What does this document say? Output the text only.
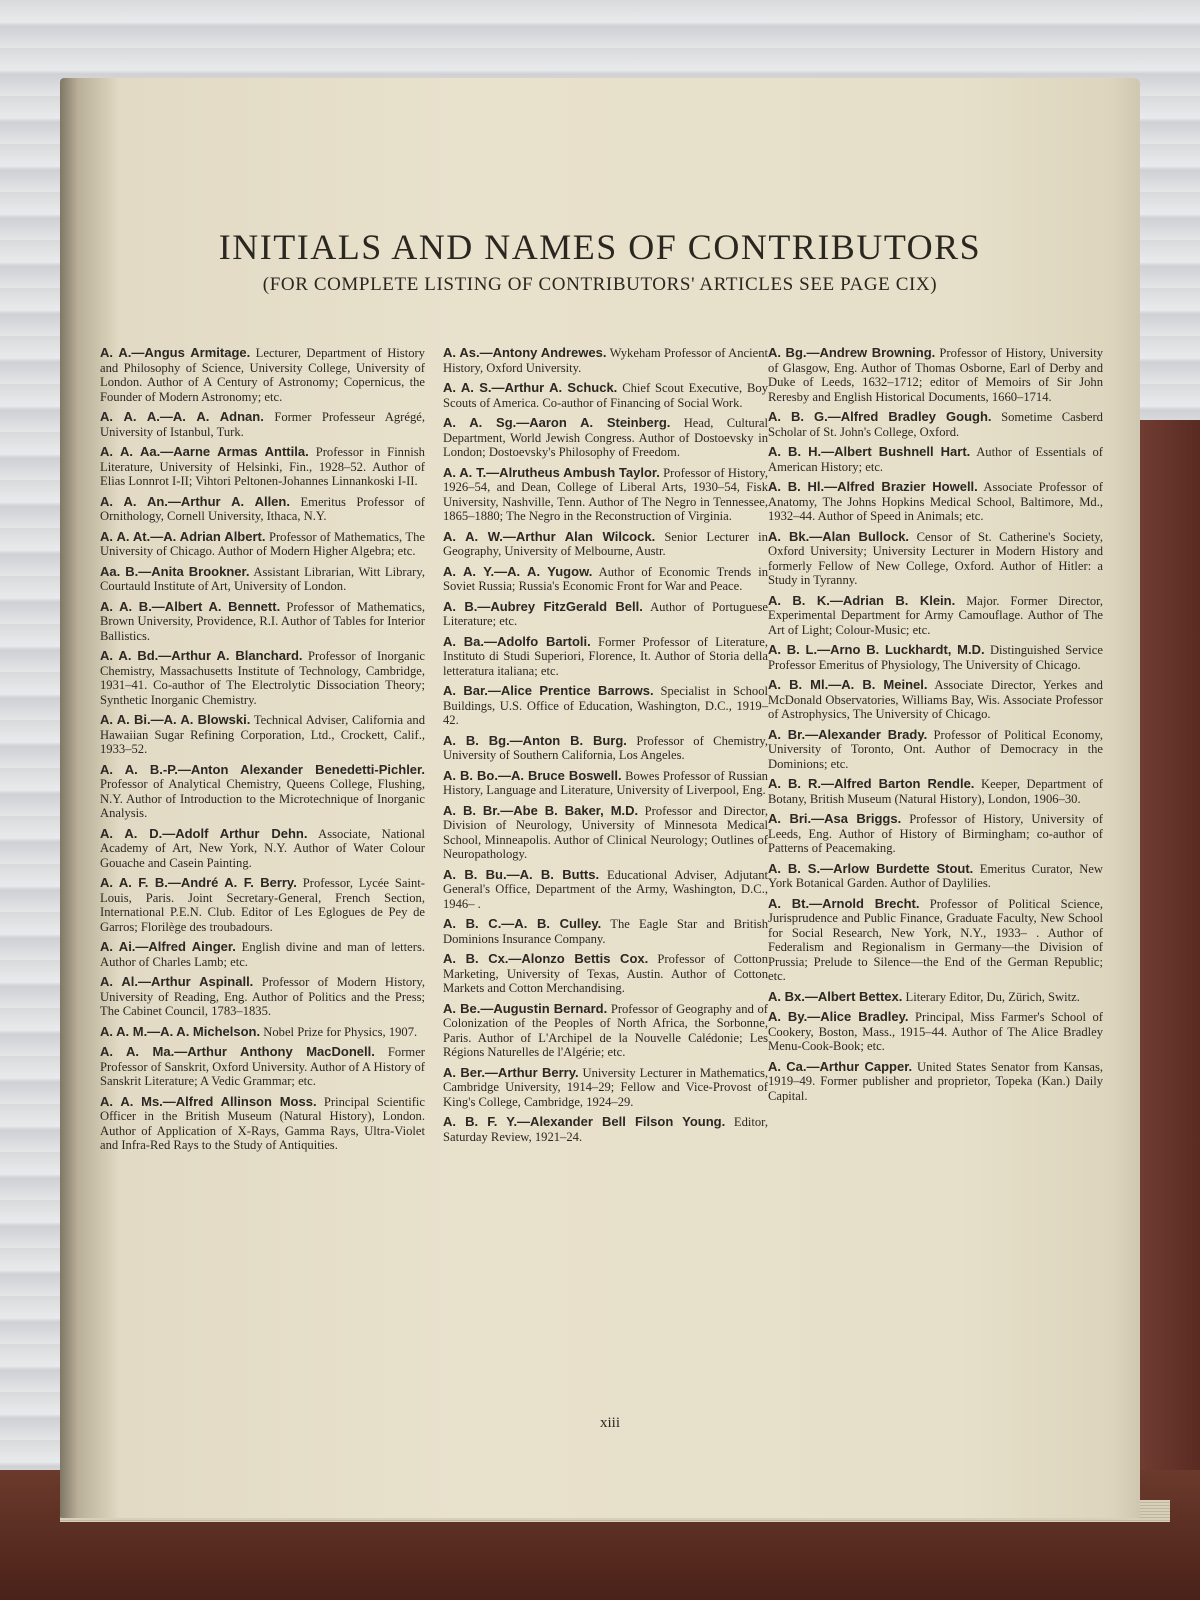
INITIALS AND NAMES OF CONTRIBUTORS
(FOR COMPLETE LISTING OF CONTRIBUTORS' ARTICLES SEE PAGE CIX)
A. A.—Angus Armitage. Lecturer, Department of History and Philosophy of Science, University College, University of London. Author of A Century of Astronomy; Copernicus, the Founder of Modern Astronomy; etc.
A. A. A.—A. A. Adnan. Former Professeur Agrégé, University of Istanbul, Turk.
A. A. Aa.—Aarne Armas Anttila. Professor in Finnish Literature, University of Helsinki, Fin., 1928–52. Author of Elias Lonnrot I-II; Vihtori Peltonen-Johannes Linnankoski I-II.
A. A. An.—Arthur A. Allen. Emeritus Professor of Ornithology, Cornell University, Ithaca, N.Y.
A. A. At.—A. Adrian Albert. Professor of Mathematics, The University of Chicago. Author of Modern Higher Algebra; etc.
Aa. B.—Anita Brookner. Assistant Librarian, Witt Library, Courtauld Institute of Art, University of London.
A. A. B.—Albert A. Bennett. Professor of Mathematics, Brown University, Providence, R.I. Author of Tables for Interior Ballistics.
A. A. Bd.—Arthur A. Blanchard. Professor of Inorganic Chemistry, Massachusetts Institute of Technology, Cambridge, 1931–41. Co-author of The Electrolytic Dissociation Theory; Synthetic Inorganic Chemistry.
A. A. Bi.—A. A. Blowski. Technical Adviser, California and Hawaiian Sugar Refining Corporation, Ltd., Crockett, Calif., 1933–52.
A. A. B.-P.—Anton Alexander Benedetti-Pichler. Professor of Analytical Chemistry, Queens College, Flushing, N.Y. Author of Introduction to the Microtechnique of Inorganic Analysis.
A. A. D.—Adolf Arthur Dehn. Associate, National Academy of Art, New York, N.Y. Author of Water Colour Gouache and Casein Painting.
A. A. F. B.—André A. F. Berry. Professor, Lycée Saint-Louis, Paris. Joint Secretary-General, French Section, International P.E.N. Club. Editor of Les Eglogues de Pey de Garros; Florilège des troubadours.
A. Ai.—Alfred Ainger. English divine and man of letters. Author of Charles Lamb; etc.
A. Al.—Arthur Aspinall. Professor of Modern History, University of Reading, Eng. Author of Politics and the Press; The Cabinet Council, 1783–1835.
A. A. M.—A. A. Michelson. Nobel Prize for Physics, 1907.
A. A. Ma.—Arthur Anthony MacDonell. Former Professor of Sanskrit, Oxford University. Author of A History of Sanskrit Literature; A Vedic Grammar; etc.
A. A. Ms.—Alfred Allinson Moss. Principal Scientific Officer in the British Museum (Natural History), London. Author of Application of X-Rays, Gamma Rays, Ultra-Violet and Infra-Red Rays to the Study of Antiquities.
A. As.—Antony Andrewes. Wykeham Professor of Ancient History, Oxford University.
A. A. S.—Arthur A. Schuck. Chief Scout Executive, Boy Scouts of America. Co-author of Financing of Social Work.
A. A. Sg.—Aaron A. Steinberg. Head, Cultural Department, World Jewish Congress. Author of Dostoevsky in London; Dostoevsky's Philosophy of Freedom.
A. A. T.—Alrutheus Ambush Taylor. Professor of History, 1926–54, and Dean, College of Liberal Arts, 1930–54, Fisk University, Nashville, Tenn. Author of The Negro in Tennessee, 1865–1880; The Negro in the Reconstruction of Virginia.
A. A. W.—Arthur Alan Wilcock. Senior Lecturer in Geography, University of Melbourne, Austr.
A. A. Y.—A. A. Yugow. Author of Economic Trends in Soviet Russia; Russia's Economic Front for War and Peace.
A. B.—Aubrey FitzGerald Bell. Author of Portuguese Literature; etc.
A. Ba.—Adolfo Bartoli. Former Professor of Literature, Instituto di Studi Superiori, Florence, It. Author of Storia della letteratura italiana; etc.
A. Bar.—Alice Prentice Barrows. Specialist in School Buildings, U.S. Office of Education, Washington, D.C., 1919–42.
A. B. Bg.—Anton B. Burg. Professor of Chemistry, University of Southern California, Los Angeles.
A. B. Bo.—A. Bruce Boswell. Bowes Professor of Russian History, Language and Literature, University of Liverpool, Eng.
A. B. Br.—Abe B. Baker, M.D. Professor and Director, Division of Neurology, University of Minnesota Medical School, Minneapolis. Author of Clinical Neurology; Outlines of Neuropathology.
A. B. Bu.—A. B. Butts. Educational Adviser, Adjutant General's Office, Department of the Army, Washington, D.C., 1946– .
A. B. C.—A. B. Culley. The Eagle Star and British Dominions Insurance Company.
A. B. Cx.—Alonzo Bettis Cox. Professor of Cotton Marketing, University of Texas, Austin. Author of Cotton Markets and Cotton Merchandising.
A. Be.—Augustin Bernard. Professor of Geography and of Colonization of the Peoples of North Africa, the Sorbonne, Paris. Author of L'Archipel de la Nouvelle Calédonie; Les Régions Naturelles de l'Algérie; etc.
A. Ber.—Arthur Berry. University Lecturer in Mathematics, Cambridge University, 1914–29; Fellow and Vice-Provost of King's College, Cambridge, 1924–29.
A. B. F. Y.—Alexander Bell Filson Young. Editor, Saturday Review, 1921–24.
A. Bg.—Andrew Browning. Professor of History, University of Glasgow, Eng. Author of Thomas Osborne, Earl of Derby and Duke of Leeds, 1632–1712; editor of Memoirs of Sir John Reresby and English Historical Documents, 1660–1714.
A. B. G.—Alfred Bradley Gough. Sometime Casberd Scholar of St. John's College, Oxford.
A. B. H.—Albert Bushnell Hart. Author of Essentials of American History; etc.
A. B. Hl.—Alfred Brazier Howell. Associate Professor of Anatomy, The Johns Hopkins Medical School, Baltimore, Md., 1932–44. Author of Speed in Animals; etc.
A. Bk.—Alan Bullock. Censor of St. Catherine's Society, Oxford University; University Lecturer in Modern History and formerly Fellow of New College, Oxford. Author of Hitler: a Study in Tyranny.
A. B. K.—Adrian B. Klein. Major. Former Director, Experimental Department for Army Camouflage. Author of The Art of Light; Colour-Music; etc.
A. B. L.—Arno B. Luckhardt, M.D. Distinguished Service Professor Emeritus of Physiology, The University of Chicago.
A. B. Ml.—A. B. Meinel. Associate Director, Yerkes and McDonald Observatories, Williams Bay, Wis. Associate Professor of Astrophysics, The University of Chicago.
A. Br.—Alexander Brady. Professor of Political Economy, University of Toronto, Ont. Author of Democracy in the Dominions; etc.
A. B. R.—Alfred Barton Rendle. Keeper, Department of Botany, British Museum (Natural History), London, 1906–30.
A. Bri.—Asa Briggs. Professor of History, University of Leeds, Eng. Author of History of Birmingham; co-author of Patterns of Peacemaking.
A. B. S.—Arlow Burdette Stout. Emeritus Curator, New York Botanical Garden. Author of Daylilies.
A. Bt.—Arnold Brecht. Professor of Political Science, Jurisprudence and Public Finance, Graduate Faculty, New School for Social Research, New York, N.Y., 1933– . Author of Federalism and Regionalism in Germany—the Division of Prussia; Prelude to Silence—the End of the German Republic; etc.
A. Bx.—Albert Bettex. Literary Editor, Du, Zürich, Switz.
A. By.—Alice Bradley. Principal, Miss Farmer's School of Cookery, Boston, Mass., 1915–44. Author of The Alice Bradley Menu-Cook-Book; etc.
A. Ca.—Arthur Capper. United States Senator from Kansas, 1919–49. Former publisher and proprietor, Topeka (Kan.) Daily Capital.
xiii
